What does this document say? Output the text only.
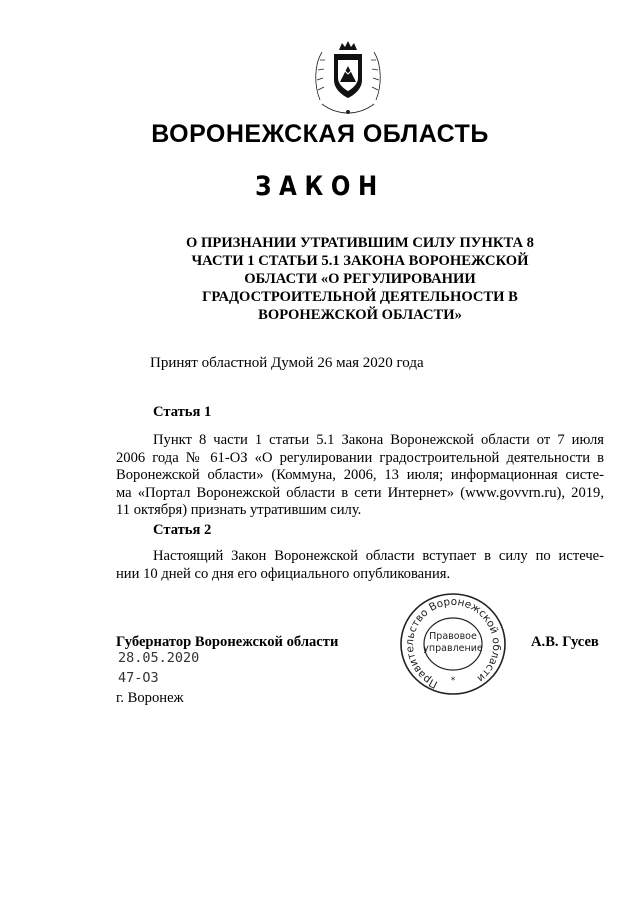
ВОРОНЕЖСКАЯ ОБЛАСТЬ
ЗАКОН
О ПРИЗНАНИИ УТРАТИВШИМ СИЛУ ПУНКТА 8
ЧАСТИ 1 СТАТЬИ 5.1 ЗАКОНА ВОРОНЕЖСКОЙ
ОБЛАСТИ «О РЕГУЛИРОВАНИИ
ГРАДОСТРОИТЕЛЬНОЙ ДЕЯТЕЛЬНОСТИ В
ВОРОНЕЖСКОЙ ОБЛАСТИ»
Принят областной Думой 26 мая 2020 года
Статья 1
Пункт 8 части 1 статьи 5.1 Закона Воронежской области от 7 июля
2006 года № 61-ОЗ «О регулировании градостроительной деятельности в
Воронежской области» (Коммуна, 2006, 13 июля; информационная систе-
ма «Портал Воронежской области в сети Интернет» (www.govvrn.ru), 2019,
11 октября) признать утратившим силу.
Статья 2
Настоящий Закон Воронежской области вступает в силу по истече-
нии 10 дней со дня его официального опубликования.
Губернатор Воронежской области
28.05.2020
47-ОЗ
г. Воронеж
А.В. Гусев
Правительство Воронежской области
Правовое
управление
*
